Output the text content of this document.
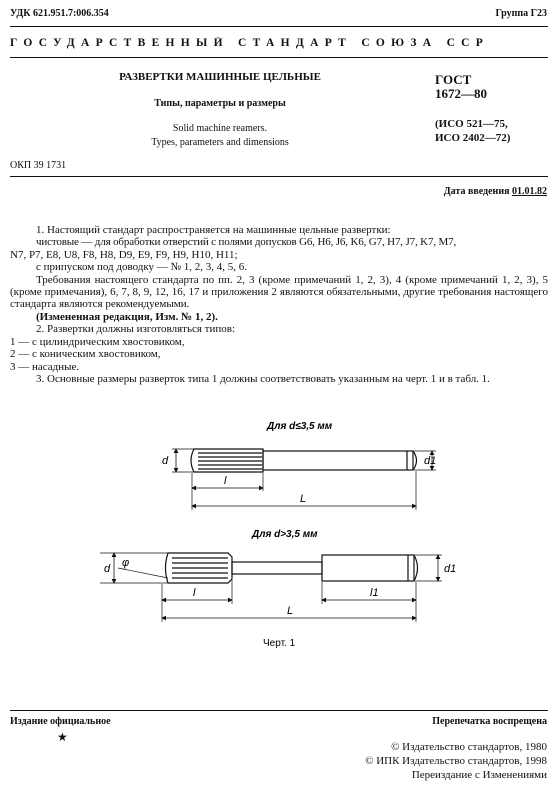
УДК 621.951.7:006.354	Группа Г23
ГОСУДАРСТВЕННЫЙ СТАНДАРТ СОЮЗА ССР
РАЗВЕРТКИ МАШИННЫЕ ЦЕЛЬНЫЕ
Типы, параметры и размеры
Solid machine reamers.
Types, parameters and dimensions
ГОСТ
1672—80
(ИСО 521—75,
ИСО 2402—72)
ОКП 39 1731
Дата введения 01.01.82
1. Настоящий стандарт распространяется на машинные цельные развертки:
чистовые — для обработки отверстий с полями допусков G6, H6, J6, K6, G7, H7, J7, K7, M7,
N7, P7, E8, U8, F8, H8, D9, E9, F9, H9, H10, H11;
с припуском под доводку — № 1, 2, 3, 4, 5, 6.
Требования настоящего стандарта по пп. 2, 3 (кроме примечаний 1, 2, 3), 4 (кроме примечаний 1, 2, 3), 5 (кроме примечания), 6, 7, 8, 9, 12, 16, 17 и приложения 2 являются обязательными, другие требования настоящего стандарта являются рекомендуемыми.
(Измененная редакция, Изм. № 1, 2).
2. Развертки должны изготовляться типов:
1 — с цилиндрическим хвостовиком,
2 — с коническим хвостовиком,
3 — насадные.
3. Основные размеры разверток типа 1 должны соответствовать указанным на черт. 1 и в табл. 1.
Для d≤3,5 мм
d	d1
l
L
Для d>3,5 мм
d φ	d1
l	l1
L
Черт. 1
Издание официальное	Перепечатка воспрещена
★
© Издательство стандартов, 1980
© ИПК Издательство стандартов, 1998
Переиздание с Изменениями
